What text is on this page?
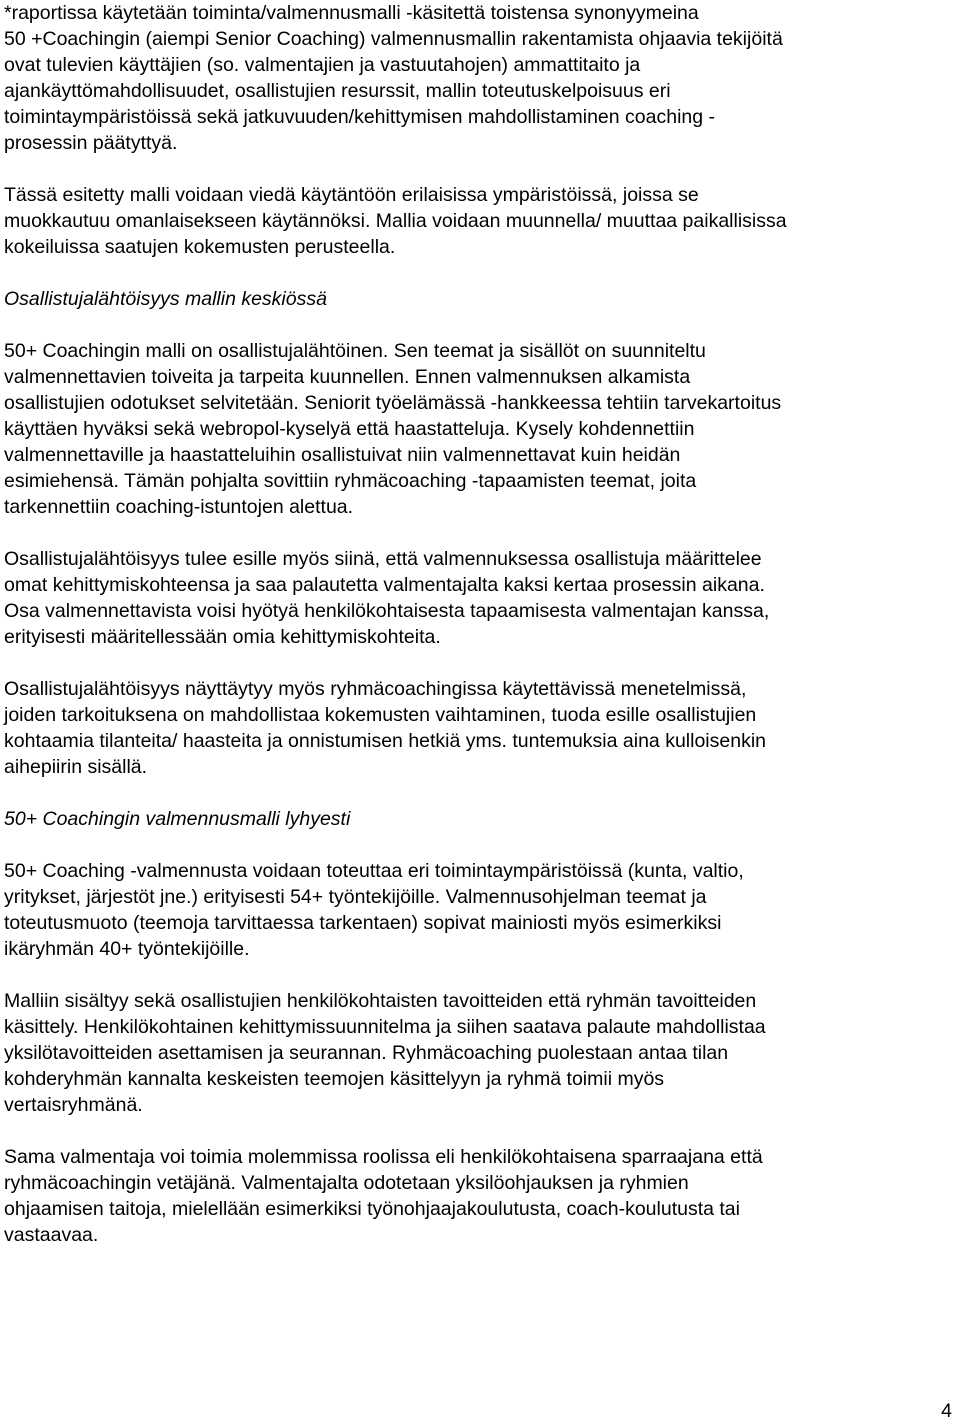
*raportissa käytetään toiminta/valmennusmalli -käsitettä toistensa synonyymeina
50 +Coachingin (aiempi Senior Coaching) valmennusmallin rakentamista ohjaavia tekijöitä
ovat tulevien käyttäjien (so. valmentajien ja vastuutahojen) ammattitaito ja
ajankäyttömahdollisuudet, osallistujien resurssit, mallin toteutuskelpoisuus eri
toimintaympäristöissä sekä jatkuvuuden/kehittymisen mahdollistaminen coaching -
prosessin päätyttyä.

Tässä esitetty malli voidaan viedä käytäntöön erilaisissa ympäristöissä, joissa se
muokkautuu omanlaisekseen käytännöksi. Mallia voidaan muunnella/ muuttaa paikallisissa
kokeiluissa saatujen kokemusten perusteella.

Osallistujalähtöisyys mallin keskiössä

50+ Coachingin malli on osallistujalähtöinen. Sen teemat ja sisällöt on suunniteltu
valmennettavien toiveita ja tarpeita kuunnellen. Ennen valmennuksen alkamista
osallistujien odotukset selvitetään. Seniorit työelämässä -hankkeessa tehtiin tarvekartoitus
käyttäen hyväksi sekä webropol-kyselyä että haastatteluja. Kysely kohdennettiin
valmennettaville ja haastatteluihin osallistuivat niin valmennettavat kuin heidän
esimiehensä. Tämän pohjalta sovittiin ryhmäcoaching -tapaamisten teemat, joita
tarkennettiin coaching-istuntojen alettua.

Osallistujalähtöisyys tulee esille myös siinä, että valmennuksessa osallistuja määrittelee
omat kehittymiskohteensa ja saa palautetta valmentajalta kaksi kertaa prosessin aikana.
Osa valmennettavista voisi hyötyä henkilökohtaisesta tapaamisesta valmentajan kanssa,
erityisesti määritellessään omia kehittymiskohteita.

Osallistujalähtöisyys näyttäytyy myös ryhmäcoachingissa käytettävissä menetelmissä,
joiden tarkoituksena on mahdollistaa kokemusten vaihtaminen, tuoda esille osallistujien
kohtaamia tilanteita/ haasteita ja onnistumisen hetkiä yms. tuntemuksia aina kulloisenkin
aihepiirin sisällä.

50+ Coachingin valmennusmalli lyhyesti

50+ Coaching -valmennusta voidaan toteuttaa eri toimintaympäristöissä (kunta, valtio,
yritykset, järjestöt jne.) erityisesti 54+ työntekijöille. Valmennusohjelman teemat ja
toteutusmuoto (teemoja tarvittaessa tarkentaen) sopivat mainiosti myös esimerkiksi
ikäryhmän 40+ työntekijöille.

Malliin sisältyy sekä osallistujien henkilökohtaisten tavoitteiden että ryhmän tavoitteiden
käsittely. Henkilökohtainen kehittymissuunnitelma ja siihen saatava palaute mahdollistaa
yksilötavoitteiden asettamisen ja seurannan. Ryhmäcoaching puolestaan antaa tilan
kohderyhmän kannalta keskeisten teemojen käsittelyyn ja ryhmä toimii myös
vertaisryhmänä.

Sama valmentaja voi toimia molemmissa roolissa eli henkilökohtaisena sparraajana että
ryhmäcoachingin vetäjänä. Valmentajalta odotetaan yksilöohjauksen ja ryhmien
ohjaamisen taitoja, mielellään esimerkiksi työnohjaajakoulutusta, coach-koulutusta tai
vastaavaa.

4
